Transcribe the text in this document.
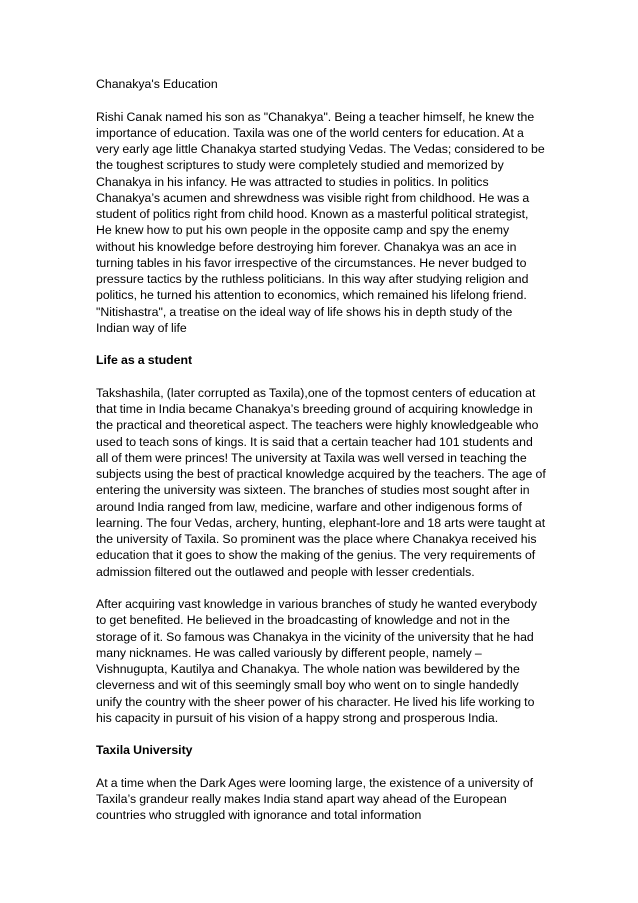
Chanakya's Education

Rishi Canak named his son as "Chanakya". Being a teacher himself, he knew the importance of education. Taxila was one of the world centers for education. At a very early age little Chanakya started studying Vedas. The Vedas; considered to be the toughest scriptures to study were completely studied and memorized by Chanakya in his infancy. He was attracted to studies in politics. In politics Chanakya’s acumen and shrewdness was visible right from childhood. He was a student of politics right from child hood. Known as a masterful political strategist, He knew how to put his own people in the opposite camp and spy the enemy without his knowledge before destroying him forever. Chanakya was an ace in turning tables in his favor irrespective of the circumstances. He never budged to pressure tactics by the ruthless politicians. In this way after studying religion and politics, he turned his attention to economics, which remained his lifelong friend. "Nitishastra", a treatise on the ideal way of life shows his in depth study of the Indian way of life

Life as a student

Takshashila, (later corrupted as Taxila),one of the topmost centers of education at that time in India became Chanakya’s breeding ground of acquiring knowledge in the practical and theoretical aspect. The teachers were highly knowledgeable who used to teach sons of kings. It is said that a certain teacher had 101 students and all of them were princes! The university at Taxila was well versed in teaching the subjects using the best of practical knowledge acquired by the teachers. The age of entering the university was sixteen. The branches of studies most sought after in around India ranged from law, medicine, warfare and other indigenous forms of learning. The four Vedas, archery, hunting, elephant-lore and 18 arts were taught at the university of Taxila. So prominent was the place where Chanakya received his education that it goes to show the making of the genius. The very requirements of admission filtered out the outlawed and people with lesser credentials.

After acquiring vast knowledge in various branches of study he wanted everybody to get benefited. He believed in the broadcasting of knowledge and not in the storage of it. So famous was Chanakya in the vicinity of the university that he had many nicknames. He was called variously by different people, namely – Vishnugupta, Kautilya and Chanakya. The whole nation was bewildered by the cleverness and wit of this seemingly small boy who went on to single handedly unify the country with the sheer power of his character. He lived his life working to his capacity in pursuit of his vision of a happy strong and prosperous India.

Taxila University

At a time when the Dark Ages were looming large, the existence of a university of Taxila’s grandeur really makes India stand apart way ahead of the European countries who struggled with ignorance and total information
